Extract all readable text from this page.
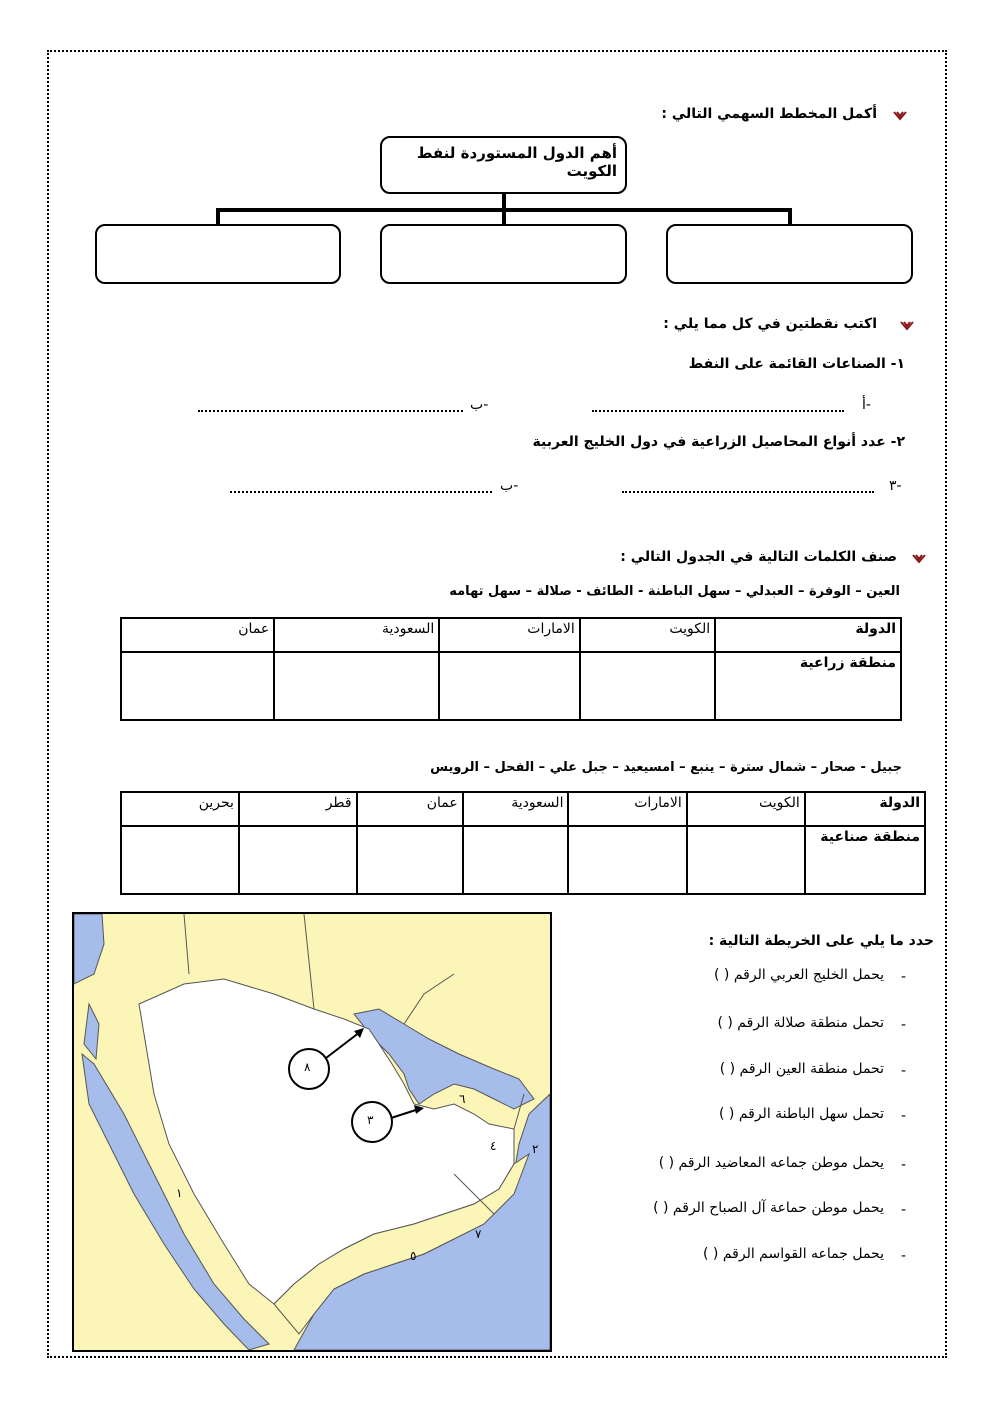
أكمل المخطط السهمي التالي :
أهم الدول المستوردة لنفط الكويت
اكتب نقطتين في كل مما يلي :
١- الصناعات القائمة على النفط
أ-
ب-
٢- عدد أنواع المحاصيل الزراعية في دول الخليج العربية
٣-
ب-
صنف الكلمات التالية في الجدول التالي :
العين – الوفرة – العبدلي – سهل الباطنة - الطائف - صلالة – سهل تهامه
الدولة	الكويت	الامارات	السعودية	عمان
منطقة زراعية				
جبيل - صحار – شمال سترة – ينبع – امسيعيد – جبل علي – الفحل – الرويس
الدولة	الكويت	الامارات	السعودية	عمان	قطر	بحرين
منطقة صناعية						
٨
٣
٦
٤	٢
١
٧
٥
حدد ما يلي على الخريطة التالية :
-
يحمل الخليج العربي الرقم ( )
-
تحمل منطقة صلالة الرقم ( )
-
تحمل منطقة العين الرقم ( )
-
تحمل سهل الباطنة الرقم ( )
-
يحمل موطن جماعه المعاضيد الرقم ( )
-
يحمل موطن حماعة آل الصباح الرقم ( )
-
يحمل جماعه القواسم الرقم ( )
